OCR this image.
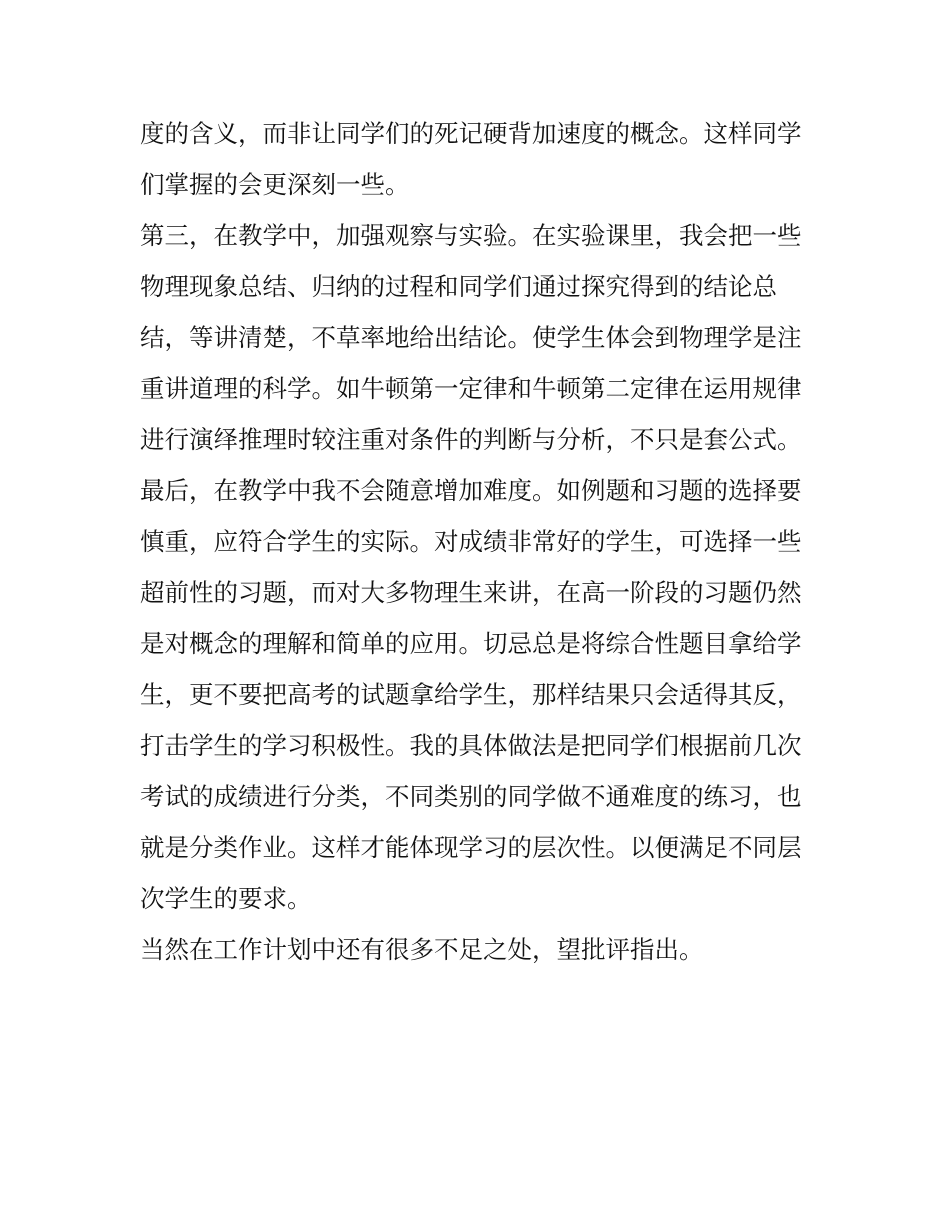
度的含义，而非让同学们的死记硬背加速度的概念。这样同学
们掌握的会更深刻一些。
第三，在教学中，加强观察与实验。在实验课里，我会把一些
物理现象总结、归纳的过程和同学们通过探究得到的结论总
结，等讲清楚，不草率地给出结论。使学生体会到物理学是注
重讲道理的科学。如牛顿第一定律和牛顿第二定律在运用规律
进行演绎推理时较注重对条件的判断与分析，不只是套公式。
最后，在教学中我不会随意增加难度。如例题和习题的选择要
慎重，应符合学生的实际。对成绩非常好的学生，可选择一些
超前性的习题，而对大多物理生来讲，在高一阶段的习题仍然
是对概念的理解和简单的应用。切忌总是将综合性题目拿给学
生，更不要把高考的试题拿给学生，那样结果只会适得其反，
打击学生的学习积极性。我的具体做法是把同学们根据前几次
考试的成绩进行分类，不同类别的同学做不通难度的练习，也
就是分类作业。这样才能体现学习的层次性。以便满足不同层
次学生的要求。
当然在工作计划中还有很多不足之处，望批评指出。
